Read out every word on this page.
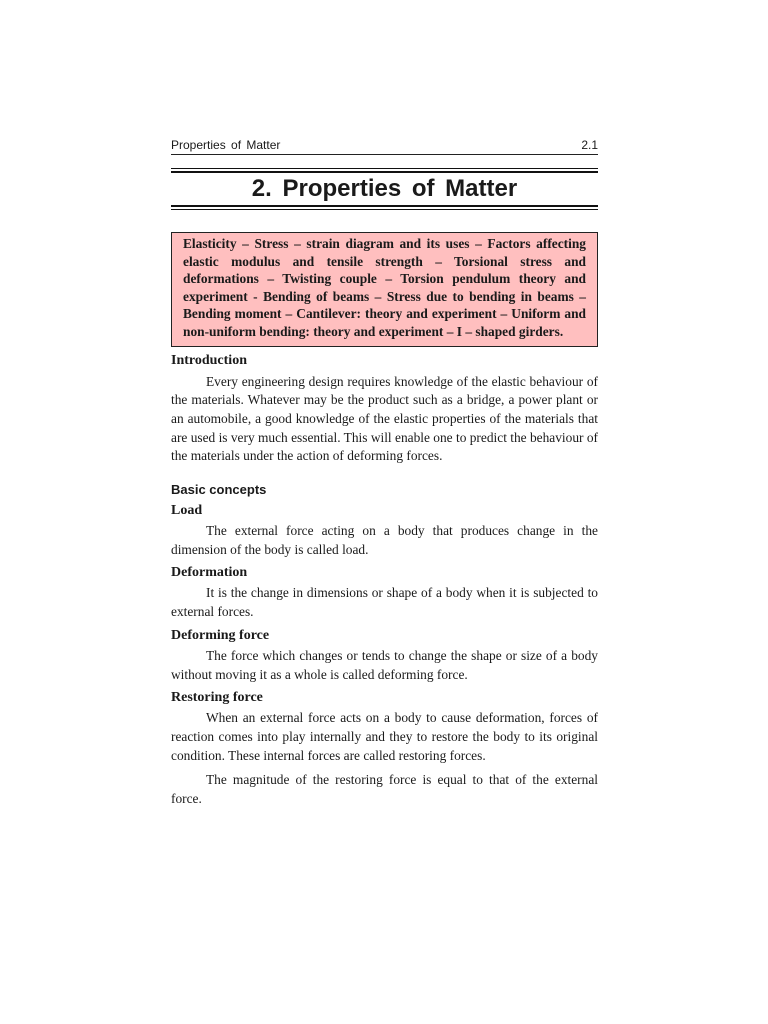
Properties of Matter	2.1
2. Properties of Matter
Elasticity – Stress – strain diagram and its uses – Factors affecting elastic modulus and tensile strength – Torsional stress and deformations – Twisting couple – Torsion pendulum theory and experiment - Bending of beams – Stress due to bending in beams – Bending moment – Cantilever: theory and experiment – Uniform and non-uniform bending: theory and experiment – I – shaped girders.
Introduction

Every engineering design requires knowledge of the elastic behaviour of the materials. Whatever may be the product such as a bridge, a power plant or an automobile, a good knowledge of the elastic properties of the materials that are used is very much essential. This will enable one to predict the behaviour of the materials under the action of deforming forces.

Basic concepts
Load

The external force acting on a body that produces change in the dimension of the body is called load.

Deformation

It is the change in dimensions or shape of a body when it is subjected to external forces.

Deforming force

The force which changes or tends to change the shape or size of a body without moving it as a whole is called deforming force.

Restoring force

When an external force acts on a body to cause deformation, forces of reaction comes into play internally and they to restore the body to its original condition. These internal forces are called restoring forces.

The magnitude of the restoring force is equal to that of the external force.
